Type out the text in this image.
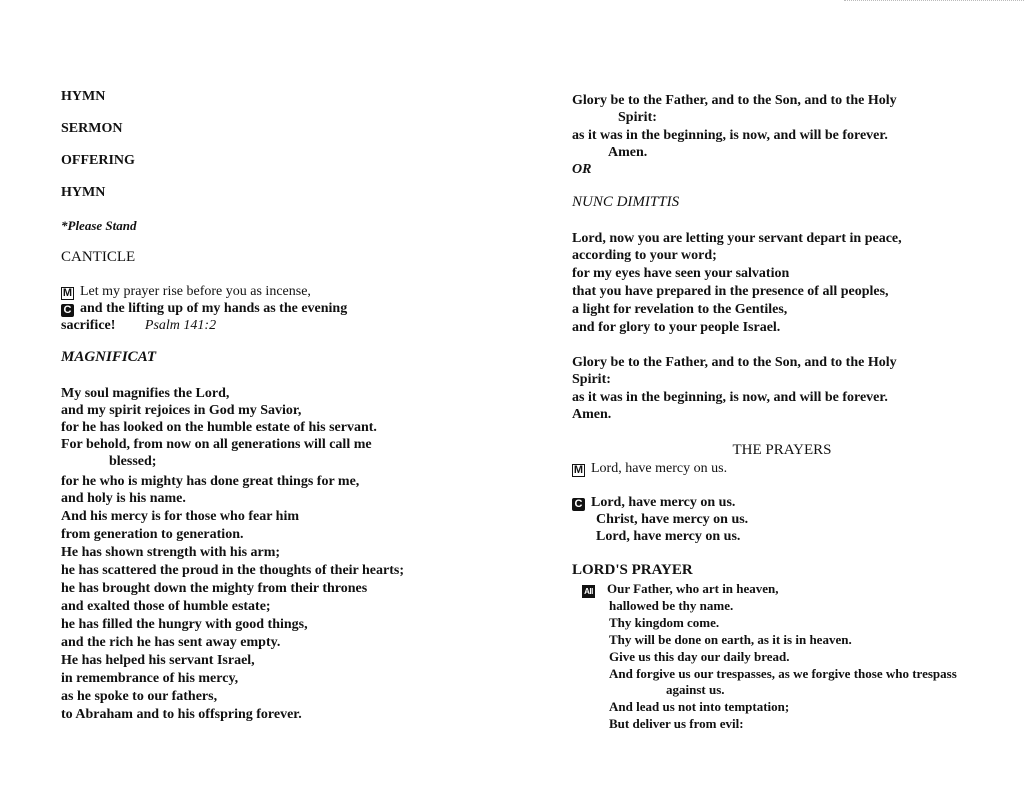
HYMN
SERMON
OFFERING
HYMN
*Please Stand
CANTICLE
M Let my prayer rise before you as incense,
C and the lifting up of my hands as the evening
sacrifice! Psalm 141:2
MAGNIFICAT
My soul magnifies the Lord,
and my spirit rejoices in God my Savior,
for he has looked on the humble estate of his servant.
For behold, from now on all generations will call me
blessed;
for he who is mighty has done great things for me,
and holy is his name.
And his mercy is for those who fear him
from generation to generation.
He has shown strength with his arm;
he has scattered the proud in the thoughts of their hearts;
he has brought down the mighty from their thrones
and exalted those of humble estate;
he has filled the hungry with good things,
and the rich he has sent away empty.
He has helped his servant Israel,
in remembrance of his mercy,
as he spoke to our fathers,
to Abraham and to his offspring forever.
Glory be to the Father, and to the Son, and to the Holy
Spirit:
as it was in the beginning, is now, and will be forever.
Amen.
OR
NUNC DIMITTIS
Lord, now you are letting your servant depart in peace,
according to your word;
for my eyes have seen your salvation
that you have prepared in the presence of all peoples,
a light for revelation to the Gentiles,
and for glory to your people Israel.
Glory be to the Father, and to the Son, and to the Holy
Spirit:
as it was in the beginning, is now, and will be forever.
Amen.
THE PRAYERS
M Lord, have mercy on us.
C Lord, have mercy on us.
Christ, have mercy on us.
Lord, have mercy on us.
LORD'S PRAYER
All Our Father, who art in heaven,
hallowed be thy name.
Thy kingdom come.
Thy will be done on earth, as it is in heaven.
Give us this day our daily bread.
And forgive us our trespasses, as we forgive those who trespass
against us.
And lead us not into temptation;
But deliver us from evil:
